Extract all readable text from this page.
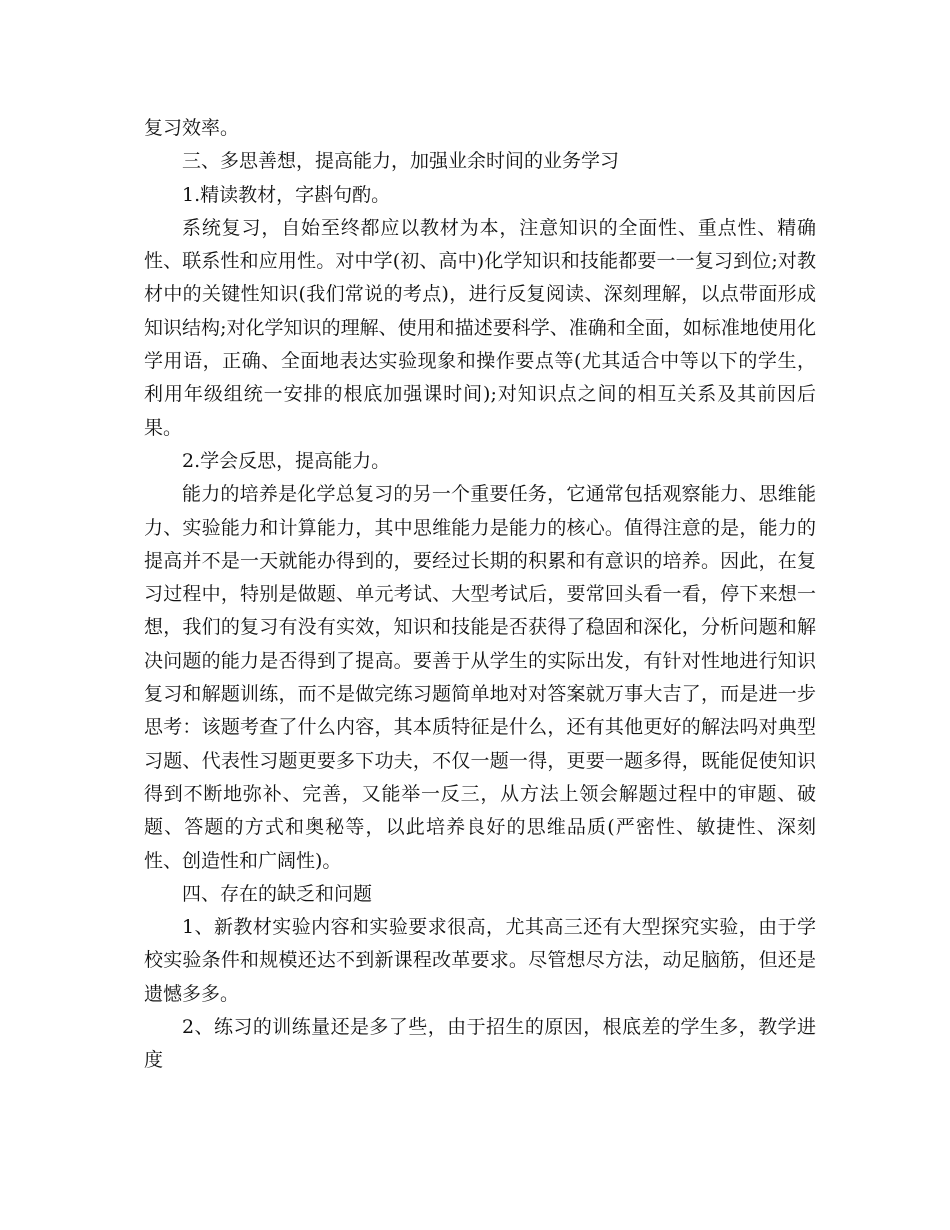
复习效率。

三、多思善想，提高能力，加强业余时间的业务学习

1.精读教材，字斟句酌。

系统复习，自始至终都应以教材为本，注意知识的全面性、重点性、精确性、联系性和应用性。对中学(初、高中)化学知识和技能都要一一复习到位;对教材中的关键性知识(我们常说的考点)，进行反复阅读、深刻理解，以点带面形成知识结构;对化学知识的理解、使用和描述要科学、准确和全面，如标准地使用化学用语，正确、全面地表达实验现象和操作要点等(尤其适合中等以下的学生，利用年级组统一安排的根底加强课时间);对知识点之间的相互关系及其前因后果。

2.学会反思，提高能力。

能力的培养是化学总复习的另一个重要任务，它通常包括观察能力、思维能力、实验能力和计算能力，其中思维能力是能力的核心。值得注意的是，能力的提高并不是一天就能办得到的，要经过长期的积累和有意识的培养。因此，在复习过程中，特别是做题、单元考试、大型考试后，要常回头看一看，停下来想一想，我们的复习有没有实效，知识和技能是否获得了稳固和深化，分析问题和解决问题的能力是否得到了提高。要善于从学生的实际出发，有针对性地进行知识复习和解题训练，而不是做完练习题简单地对对答案就万事大吉了，而是进一步思考：该题考查了什么内容，其本质特征是什么，还有其他更好的解法吗对典型习题、代表性习题更要多下功夫，不仅一题一得，更要一题多得，既能促使知识得到不断地弥补、完善，又能举一反三，从方法上领会解题过程中的审题、破题、答题的方式和奥秘等，以此培养良好的思维品质(严密性、敏捷性、深刻性、创造性和广阔性)。

四、存在的缺乏和问题

1、新教材实验内容和实验要求很高，尤其高三还有大型探究实验，由于学校实验条件和规模还达不到新课程改革要求。尽管想尽方法，动足脑筋，但还是遗憾多多。

2、练习的训练量还是多了些，由于招生的原因，根底差的学生多，教学进度
